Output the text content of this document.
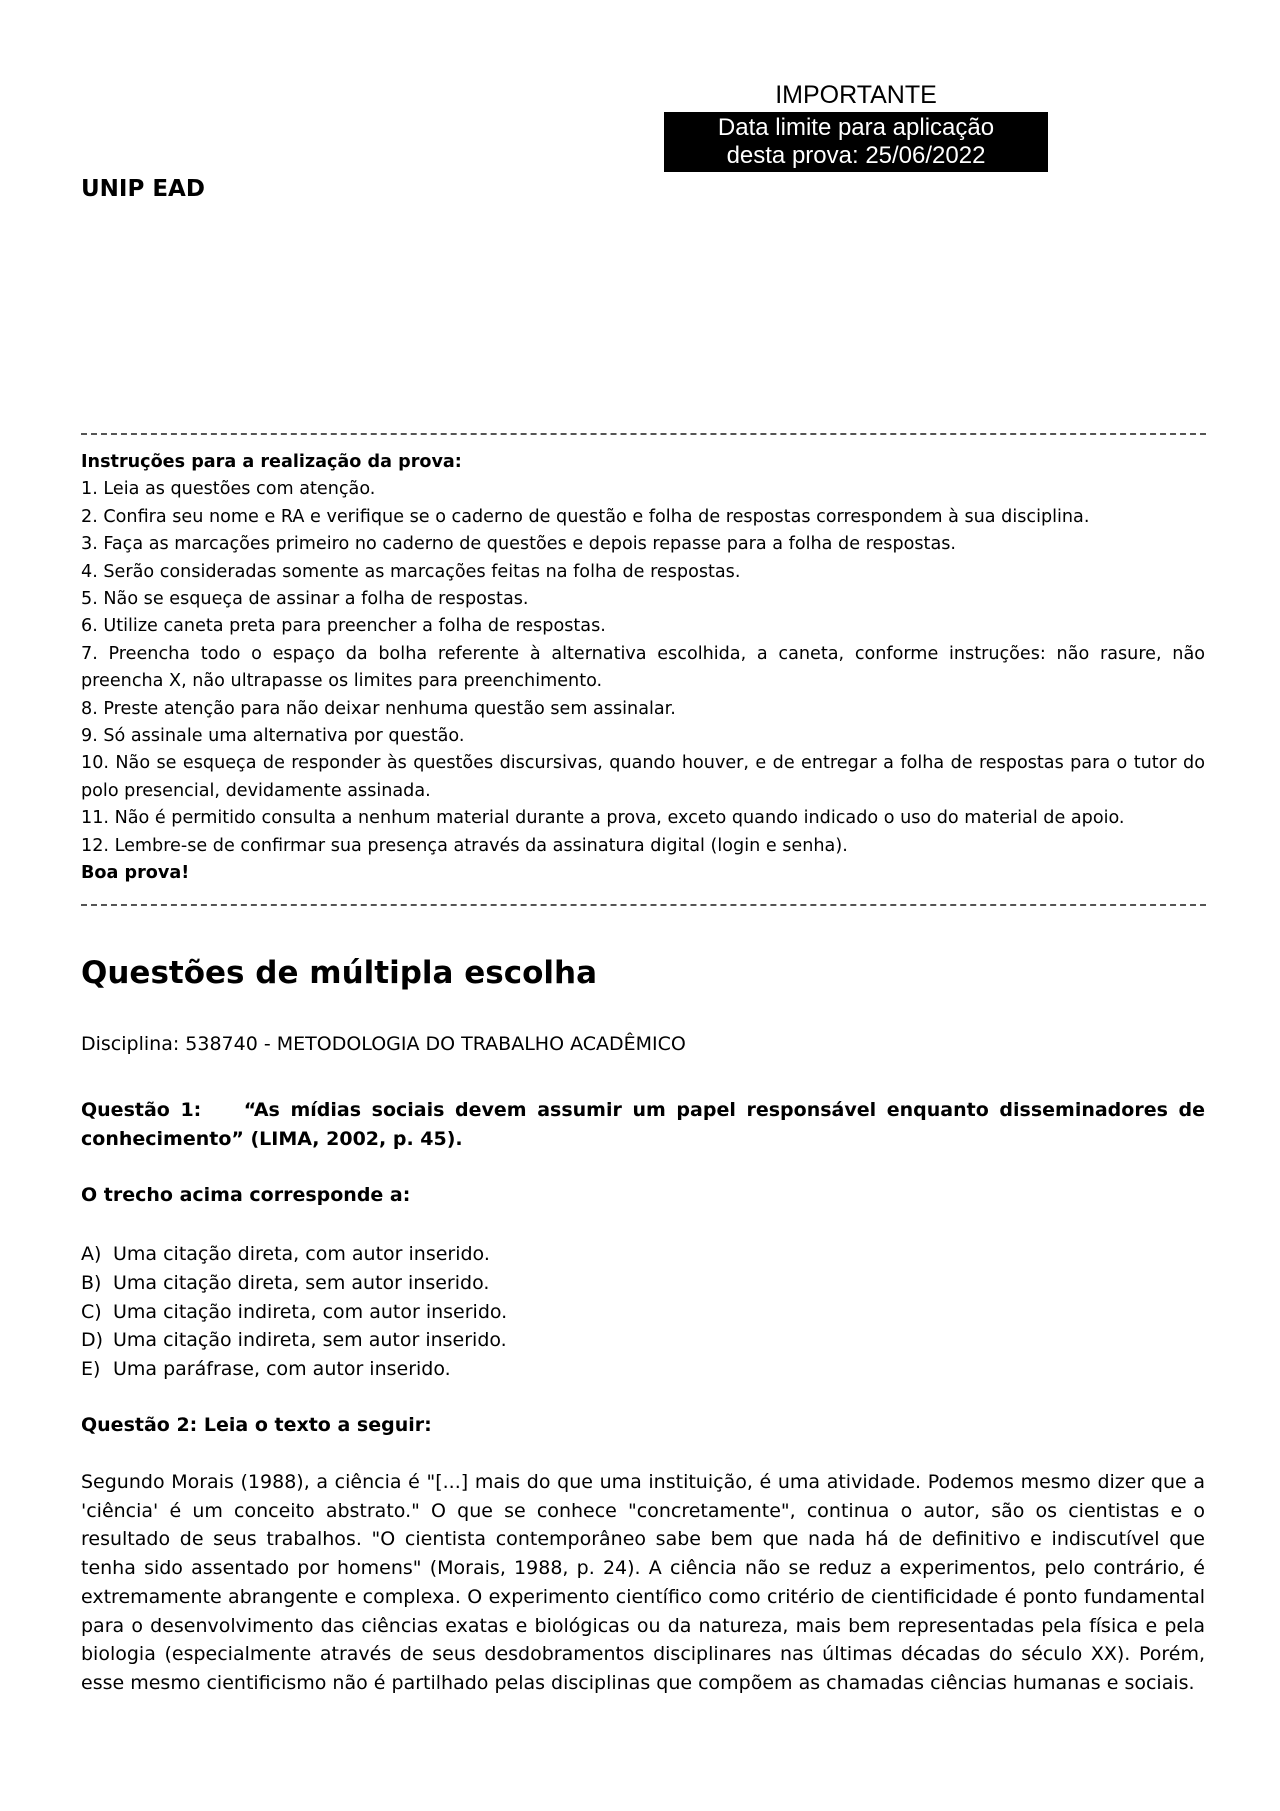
IMPORTANTE
Data limite para aplicação
desta prova: 25/06/2022
UNIP EAD
Instruções para a realização da prova:
1. Leia as questões com atenção.
2. Confira seu nome e RA e verifique se o caderno de questão e folha de respostas correspondem à sua disciplina.
3. Faça as marcações primeiro no caderno de questões e depois repasse para a folha de respostas.
4. Serão consideradas somente as marcações feitas na folha de respostas.
5. Não se esqueça de assinar a folha de respostas.
6. Utilize caneta preta para preencher a folha de respostas.
7. Preencha todo o espaço da bolha referente à alternativa escolhida, a caneta, conforme instruções: não rasure, não preencha X, não ultrapasse os limites para preenchimento.
8. Preste atenção para não deixar nenhuma questão sem assinalar.
9. Só assinale uma alternativa por questão.
10. Não se esqueça de responder às questões discursivas, quando houver, e de entregar a folha de respostas para o tutor do polo presencial, devidamente assinada.
11. Não é permitido consulta a nenhum material durante a prova, exceto quando indicado o uso do material de apoio.
12. Lembre-se de confirmar sua presença através da assinatura digital (login e senha).
Boa prova!
Questões de múltipla escolha
Disciplina: 538740 - METODOLOGIA DO TRABALHO ACADÊMICO
Questão 1: “As mídias sociais devem assumir um papel responsável enquanto disseminadores de conhecimento” (LIMA, 2002, p. 45).
O trecho acima corresponde a:
A) Uma citação direta, com autor inserido.
B) Uma citação direta, sem autor inserido.
C) Uma citação indireta, com autor inserido.
D) Uma citação indireta, sem autor inserido.
E) Uma paráfrase, com autor inserido.
Questão 2: Leia o texto a seguir:
Segundo Morais (1988), a ciência é "[...] mais do que uma instituição, é uma atividade. Podemos mesmo dizer que a 'ciência' é um conceito abstrato." O que se conhece "concretamente", continua o autor, são os cientistas e o resultado de seus trabalhos. "O cientista contemporâneo sabe bem que nada há de definitivo e indiscutível que tenha sido assentado por homens" (Morais, 1988, p. 24). A ciência não se reduz a experimentos, pelo contrário, é extremamente abrangente e complexa. O experimento científico como critério de cientificidade é ponto fundamental para o desenvolvimento das ciências exatas e biológicas ou da natureza, mais bem representadas pela física e pela biologia (especialmente através de seus desdobramentos disciplinares nas últimas décadas do século XX). Porém, esse mesmo cientificismo não é partilhado pelas disciplinas que compõem as chamadas ciências humanas e sociais.
